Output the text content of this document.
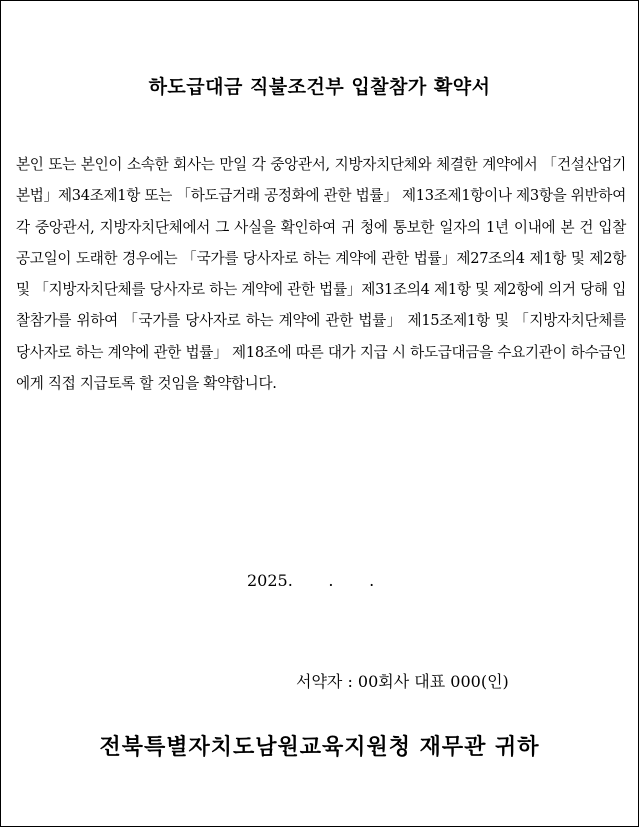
하도급대금 직불조건부 입찰참가 확약서
본인 또는 본인이 소속한 회사는 만일 각 중앙관서, 지방자치단체와 체결한 계약에서 「건설산업기본법」제34조제1항 또는 「하도급거래 공정화에 관한 법률」 제13조제1항이나 제3항을 위반하여 각 중앙관서, 지방자치단체에서 그 사실을 확인하여 귀 청에 통보한 일자의 1년 이내에 본 건 입찰공고일이 도래한 경우에는 「국가를 당사자로 하는 계약에 관한 법률」제27조의4 제1항 및 제2항 및 「지방자치단체를 당사자로 하는 계약에 관한 법률」제31조의4 제1항 및 제2항에 의거 당해 입찰참가를 위하여 「국가를 당사자로 하는 계약에 관한 법률」 제15조제1항 및 「지방자치단체를 당사자로 하는 계약에 관한 법률」 제18조에 따른 대가 지급 시 하도급대금을 수요기관이 하수급인에게 직접 지급토록 할 것임을 확약합니다.
2025.       .       .
서약자 : 00회사 대표 000(인)
전북특별자치도남원교육지원청 재무관 귀하
